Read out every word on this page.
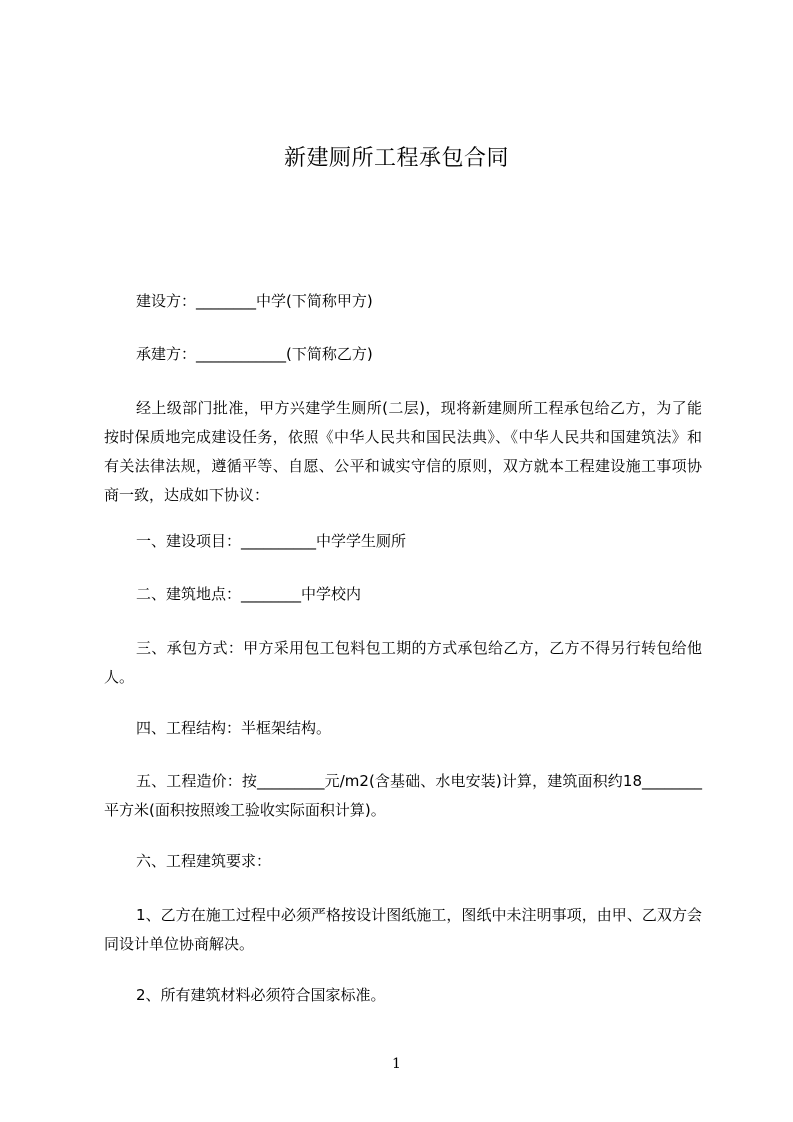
新建厕所工程承包合同

建设方：________中学(下简称甲方)

承建方：____________(下简称乙方)

经上级部门批准，甲方兴建学生厕所(二层)，现将新建厕所工程承包给乙方，为了能按时保质地完成建设任务，依照《中华人民共和国民法典》、《中华人民共和国建筑法》和有关法律法规，遵循平等、自愿、公平和诚实守信的原则，双方就本工程建设施工事项协商一致，达成如下协议：

一、建设项目：__________中学学生厕所

二、建筑地点：________中学校内

三、承包方式：甲方采用包工包料包工期的方式承包给乙方，乙方不得另行转包给他人。

四、工程结构：半框架结构。

五、工程造价：按_________元/m2(含基础、水电安装)计算，建筑面积约18________平方米(面积按照竣工验收实际面积计算)。

六、工程建筑要求：

1、乙方在施工过程中必须严格按设计图纸施工，图纸中未注明事项，由甲、乙双方会同设计单位协商解决。

2、所有建筑材料必须符合国家标准。

1
